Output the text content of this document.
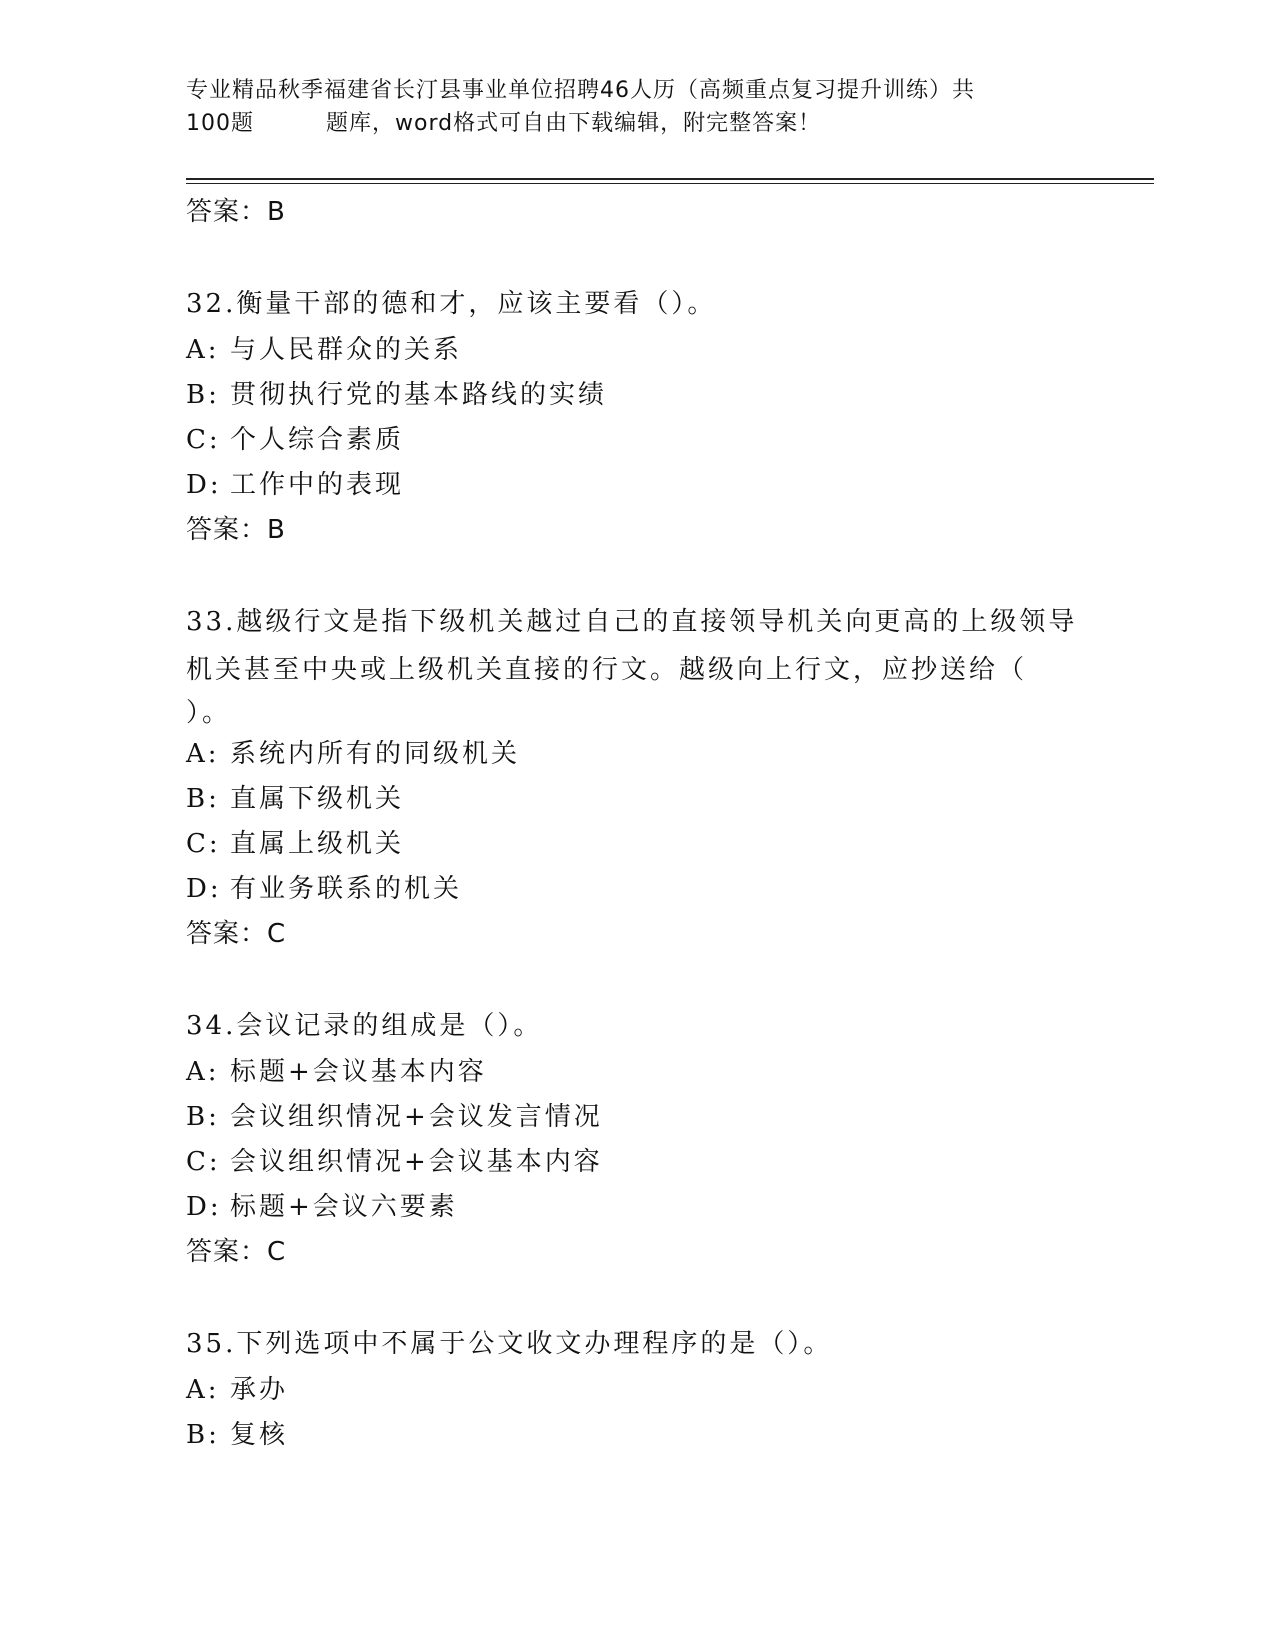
专业精品秋季福建省长汀县事业单位招聘46人历（高频重点复习提升训练）共
100题	题库，word格式可自由下载编辑，附完整答案！
答案：B
32.衡量干部的德和才，应该主要看（）。
A: 与人民群众的关系
B: 贯彻执行党的基本路线的实绩
C: 个人综合素质
D: 工作中的表现
答案：B
33.越级行文是指下级机关越过自己的直接领导机关向更高的上级领导
机关甚至中央或上级机关直接的行文。越级向上行文，应抄送给（
）。
A: 系统内所有的同级机关
B: 直属下级机关
C: 直属上级机关
D: 有业务联系的机关
答案：C
34.会议记录的组成是（）。
A: 标题+会议基本内容
B: 会议组织情况+会议发言情况
C: 会议组织情况+会议基本内容
D: 标题+会议六要素
答案：C
35.下列选项中不属于公文收文办理程序的是（）。
A: 承办
B: 复核
